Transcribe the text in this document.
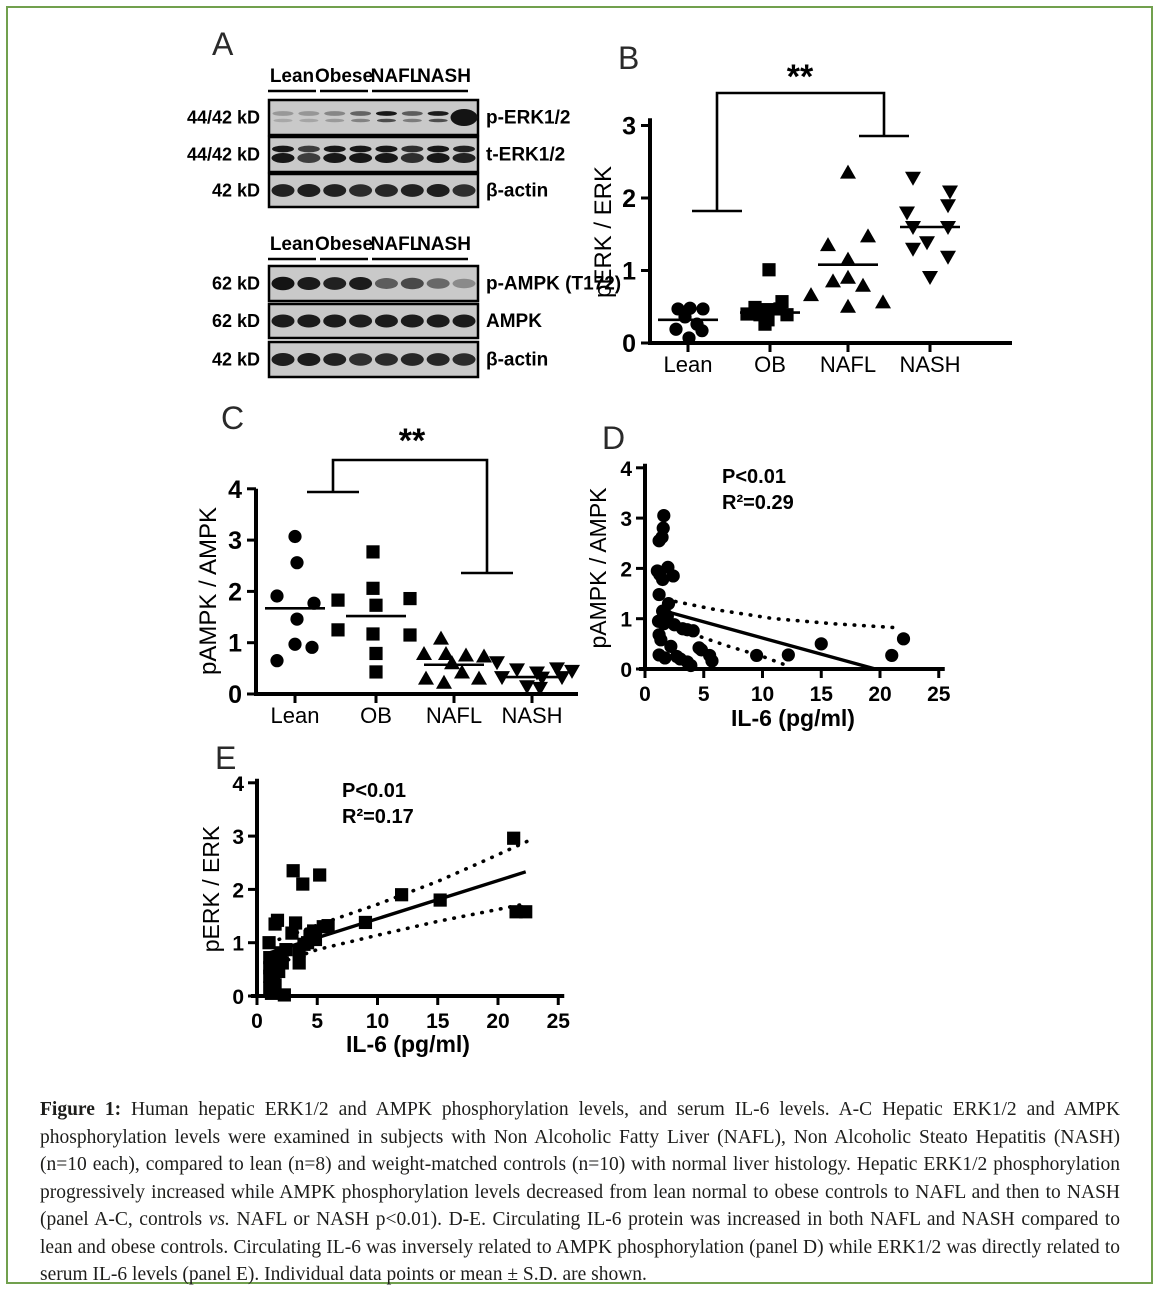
A	B
C
D
E
Lean Obese
NAFL
NASH
44/42 kD	p-ERK1/2
44/42 kD	t-ERK1/2
42 kD	β-actin
Lean Obese
NAFL
NASH
62 kD	p-AMPK (T172)
62 kD	AMPK
42 kD	β-actin
0
1
2
3
Lean OB NAFL NASH
pERK / ERK
**
0
1
2
3
4
Lean OB NAFL NASH
pAMPK / AMPK
**
0
1
2
3
4
0 5 10 15 20 25
IL-6 (pg/ml)
pAMPK / AMPK
P<0.01
R²=0.29
0
1
2
3
4
0 5 10 15 20 25
IL-6 (pg/ml)
pERK / ERK
P<0.01
R²=0.17
Figure 1: Human hepatic ERK1/2 and AMPK phosphorylation levels, and serum IL-6 levels. A-C Hepatic ERK1/2 and AMPK phosphorylation levels were examined in subjects with Non Alcoholic Fatty Liver (NAFL), Non Alcoholic Steato Hepatitis (NASH) (n=10 each), compared to lean (n=8) and weight-matched controls (n=10) with normal liver histology. Hepatic ERK1/2 phosphorylation progressively increased while AMPK phosphorylation levels decreased from lean normal to obese controls to NAFL and then to NASH (panel A-C, controls vs. NAFL or NASH p<0.01). D-E. Circulating IL-6 protein was increased in both NAFL and NASH compared to lean and obese controls. Circulating IL-6 was inversely related to AMPK phosphorylation (panel D) while ERK1/2 was directly related to serum IL-6 levels (panel E). Individual data points or mean ± S.D. are shown.
